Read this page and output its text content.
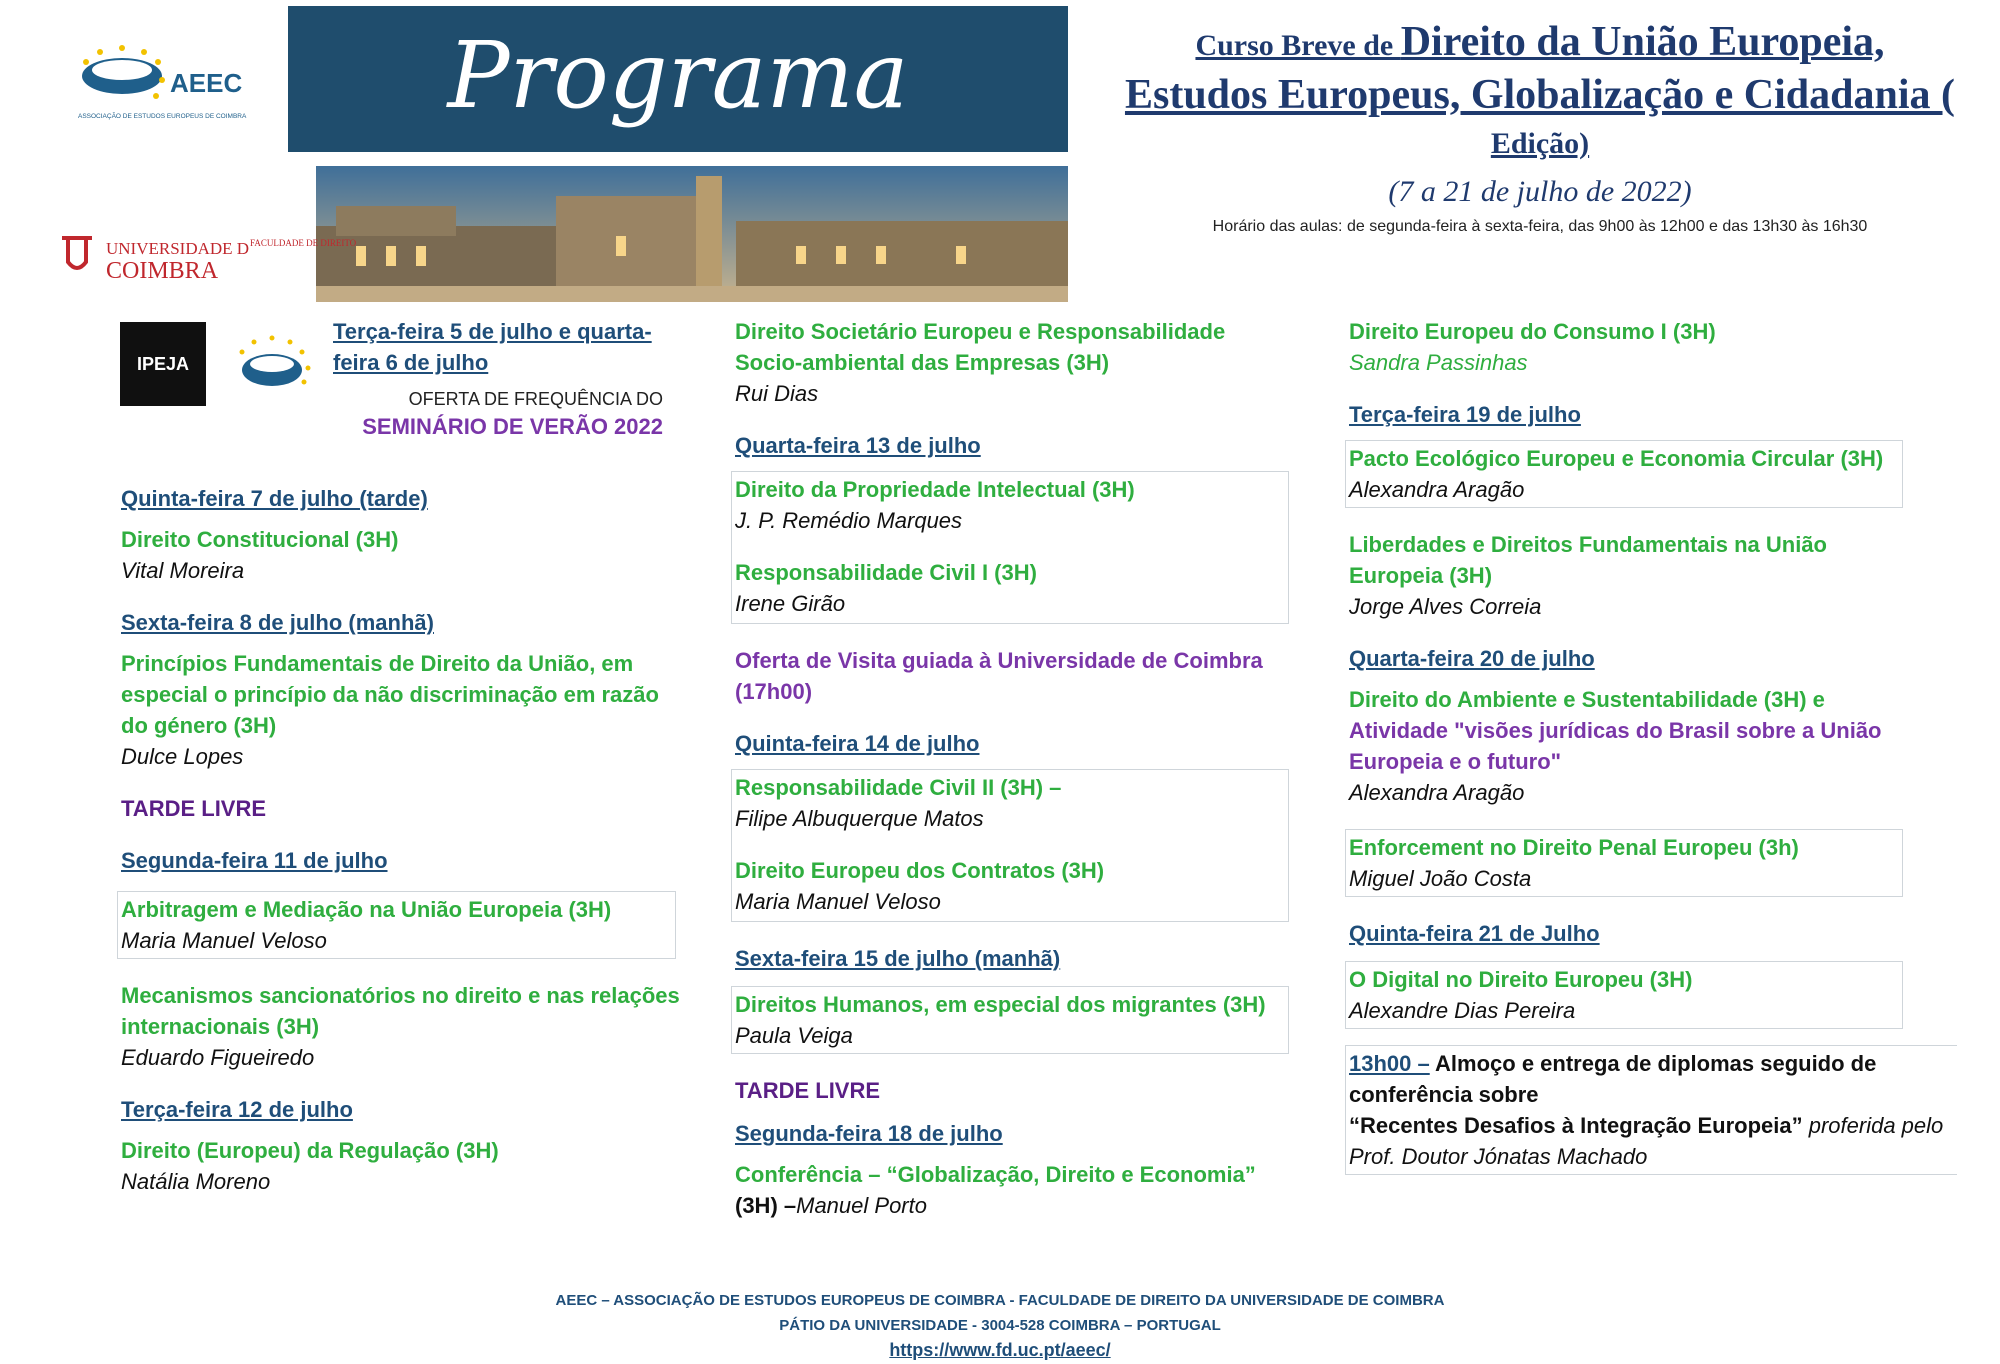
AEEC
ASSOCIAÇÃO DE ESTUDOS EUROPEUS DE COIMBRA	Programa
UNIVERSIDADE D
COIMBRA
FACULDADE DE DIREITO
IPEJA
Curso Breve de Direito da União Europeia,
Estudos Europeus, Globalização e Cidadania (
Edição)
(7 a 21 de julho de 2022)
Horário das aulas: de segunda-feira à sexta-feira, das 9h00 às 12h00 e das 13h30 às 16h30
Terça-feira 5 de julho e quarta-feira 6 de julho
OFERTA DE FREQUÊNCIA DO
SEMINÁRIO DE VERÃO 2022
Quinta-feira 7 de julho (tarde)
Direito Constitucional (3H)
Vital Moreira
Sexta-feira 8 de julho (manhã)
Princípios Fundamentais de Direito da União, em especial o princípio da não discriminação em razão do género (3H)
Dulce Lopes
TARDE LIVRE
Segunda-feira 11 de julho
Arbitragem e Mediação na União Europeia (3H)
Maria Manuel Veloso
Mecanismos sancionatórios no direito e nas relações internacionais (3H)
Eduardo Figueiredo
Terça-feira 12 de julho
Direito (Europeu) da Regulação (3H)
Natália Moreno
Direito Societário Europeu e Responsabilidade Socio-ambiental das Empresas (3H)
Rui Dias
Quarta-feira 13 de julho
Direito da Propriedade Intelectual (3H)
J. P. Remédio Marques
Responsabilidade Civil I (3H)
Irene Girão
Oferta de Visita guiada à Universidade de Coimbra (17h00)
Quinta-feira 14 de julho
Responsabilidade Civil II (3H) –
Filipe Albuquerque Matos
Direito Europeu dos Contratos (3H)
Maria Manuel Veloso
Sexta-feira 15 de julho (manhã)
Direitos Humanos, em especial dos migrantes (3H)
Paula Veiga
TARDE LIVRE
Segunda-feira 18 de julho
Conferência – “Globalização, Direito e Economia”
(3H) –Manuel Porto
Direito Europeu do Consumo I (3H)
Sandra Passinhas
Terça-feira 19 de julho
Pacto Ecológico Europeu e Economia Circular (3H)
Alexandra Aragão
Liberdades e Direitos Fundamentais na União Europeia (3H)
Jorge Alves Correia
Quarta-feira 20 de julho
Direito do Ambiente e Sustentabilidade (3H) e
Atividade "visões jurídicas do Brasil sobre a União Europeia e o futuro"
Alexandra Aragão
Enforcement no Direito Penal Europeu (3h)
Miguel João Costa
Quinta-feira 21 de Julho
O Digital no Direito Europeu (3H)
Alexandre Dias Pereira
13h00 – Almoço e entrega de diplomas seguido de conferência sobre
“Recentes Desafios à Integração Europeia” proferida pelo
Prof. Doutor Jónatas Machado
AEEC – ASSOCIAÇÃO DE ESTUDOS EUROPEUS DE COIMBRA - FACULDADE DE DIREITO DA UNIVERSIDADE DE COIMBRA
PÁTIO DA UNIVERSIDADE - 3004-528 COIMBRA – PORTUGAL
https://www.fd.uc.pt/aeec/
